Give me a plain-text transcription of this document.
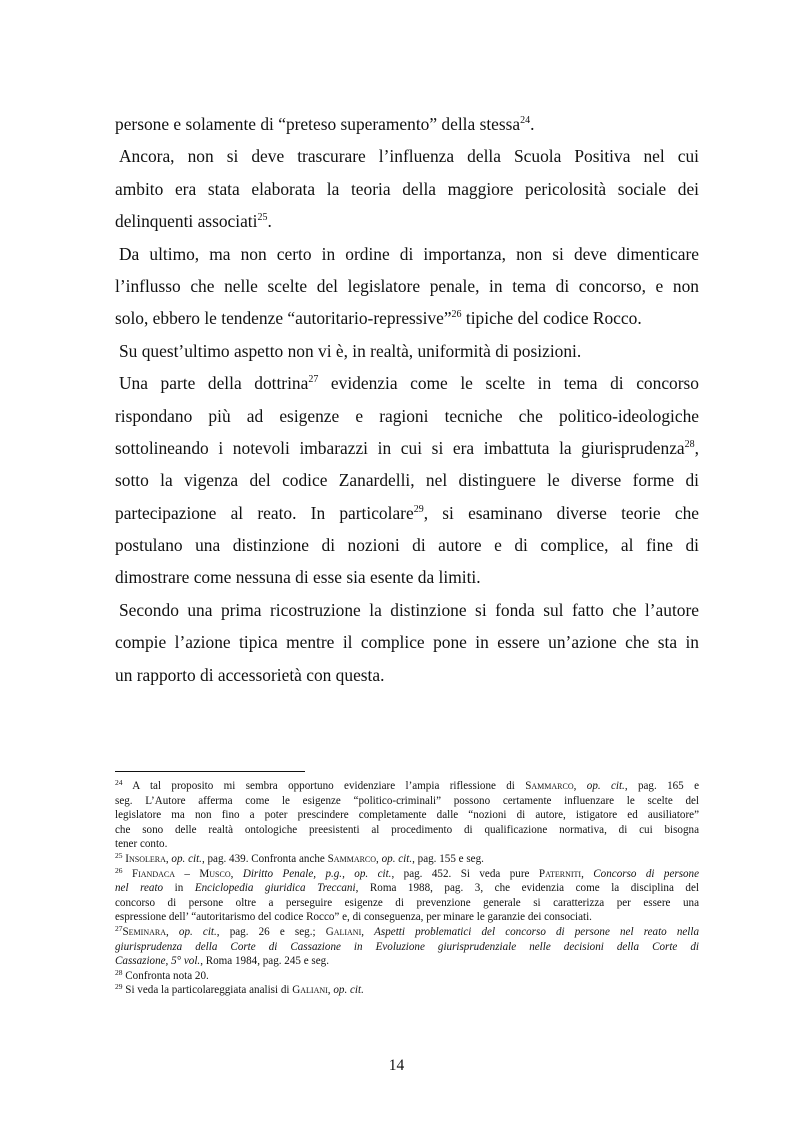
persone e solamente di “preteso superamento” della stessa$^{24}$.
Ancora, non si deve trascurare l’influenza della Scuola Positiva nel cui
ambito era stata elaborata la teoria della maggiore pericolosità sociale dei
delinquenti associati$^{25}$.
Da ultimo, ma non certo in ordine di importanza, non si deve dimenticare
l’influsso che nelle scelte del legislatore penale, in tema di concorso, e non
solo, ebbero le tendenze “autoritario-repressive”$^{26}$ tipiche del codice Rocco.
Su quest’ultimo aspetto non vi è, in realtà, uniformità di posizioni.
Una parte della dottrina$^{27}$ evidenzia come le scelte in tema di concorso
rispondano più ad esigenze e ragioni tecniche che politico-ideologiche
sottolineando i notevoli imbarazzi in cui si era imbattuta la giurisprudenza$^{28}$,
sotto la vigenza del codice Zanardelli, nel distinguere le diverse forme di
partecipazione al reato. In particolare$^{29}$, si esaminano diverse teorie che
postulano una distinzione di nozioni di autore e di complice, al fine di
dimostrare come nessuna di esse sia esente da limiti.
Secondo una prima ricostruzione la distinzione si fonda sul fatto che l’autore
compie l’azione tipica mentre il complice pone in essere un’azione che sta in
un rapporto di accessorietà con questa.
$^{24}$ A tal proposito mi sembra opportuno evidenziare l’ampia riflessione di Sammarco, op. cit., pag. 165 e
seg. L’Autore afferma come le esigenze “politico-criminali” possono certamente influenzare le scelte del
legislatore ma non fino a poter prescindere completamente dalle “nozioni di autore, istigatore ed ausiliatore”
che sono delle realtà ontologiche preesistenti al procedimento di qualificazione normativa, di cui bisogna
tener conto.
$^{25}$ Insolera, op. cit., pag. 439. Confronta anche Sammarco, op. cit., pag. 155 e seg.
$^{26}$ Fiandaca – Musco, Diritto Penale, p.g., op. cit., pag. 452. Si veda pure Paterniti, Concorso di persone
nel reato in Enciclopedia giuridica Treccani, Roma 1988, pag. 3, che evidenzia come la disciplina del
concorso di persone oltre a perseguire esigenze di prevenzione generale si caratterizza per essere una
espressione dell’ “autoritarismo del codice Rocco” e, di conseguenza, per minare le garanzie dei consociati.
$^{27}$Seminara, op. cit., pag. 26 e seg.; Galiani, Aspetti problematici del concorso di persone nel reato nella
giurisprudenza della Corte di Cassazione in Evoluzione giurisprudenziale nelle decisioni della Corte di
Cassazione, 5° vol., Roma 1984, pag. 245 e seg.
$^{28}$ Confronta nota 20.
$^{29}$ Si veda la particolareggiata analisi di Galiani, op. cit.
14
